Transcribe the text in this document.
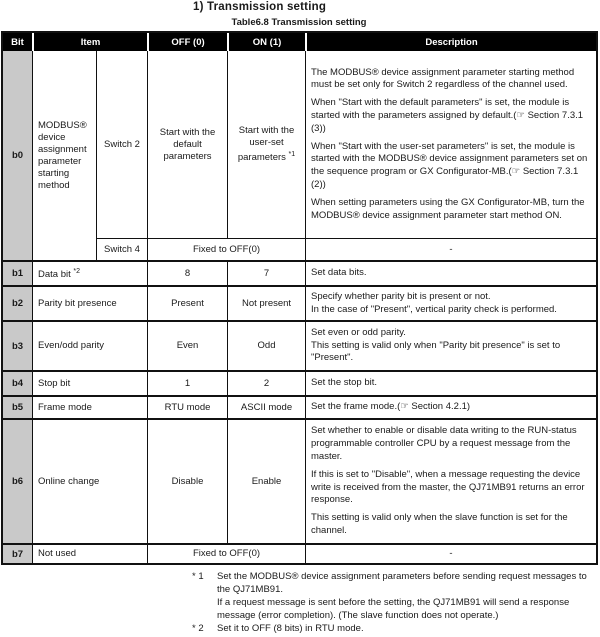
1) Transmission setting
Table6.8 Transmission setting
Bit	Item		OFF (0)	ON (1)	Description
b0	MODBUS® device assignment parameter starting method	Switch 2	Start with the default parameters	Start with the user-set parameters $^{*1}$	The MODBUS® device assignment parameter starting method must be set only for Switch 2 regardless of the channel used.

When "Start with the default parameters" is set, the module is started with the parameters assigned by default.(☞ Section 7.3.1 (3))

When "Start with the user-set parameters" is set, the module is started with the MODBUS® device assignment parameters set on the sequence program or GX Configurator-MB.(☞ Section 7.3.1 (2))

When setting parameters using the GX Configurator-MB, turn the MODBUS® device assignment parameter start method ON.

		Switch 4	Fixed to OFF(0)		-
b1	Data bit $^{*2}$		8	7	Set data bits.

b2	Parity bit presence		Present	Not present	Specify whether parity bit is present or not.

In the case of "Present", vertical parity check is performed.

b3	Even/odd parity		Even	Odd	Set even or odd parity.

This setting is valid only when "Parity bit presence" is set to "Present".

b4	Stop bit		1	2	Set the stop bit.

b5	Frame mode		RTU mode	ASCII mode	Set the frame mode.(☞ Section 4.2.1)

b6	Online change		Disable	Enable	Set whether to enable or disable data writing to the RUN-status programmable controller CPU by a request message from the master.

If this is set to "Disable", when a message requesting the device write is received from the master, the QJ71MB91 returns an error response.

This setting is valid only when the slave function is set for the channel.

b7	Not used		Fixed to OFF(0)		-
* 1	Set the MODBUS® device assignment parameters before sending request messages to the QJ71MB91.

If a request message is sent before the setting, the QJ71MB91 will send a response message (error completion). (The slave function does not operate.)

* 2	Set it to OFF (8 bits) in RTU mode.
